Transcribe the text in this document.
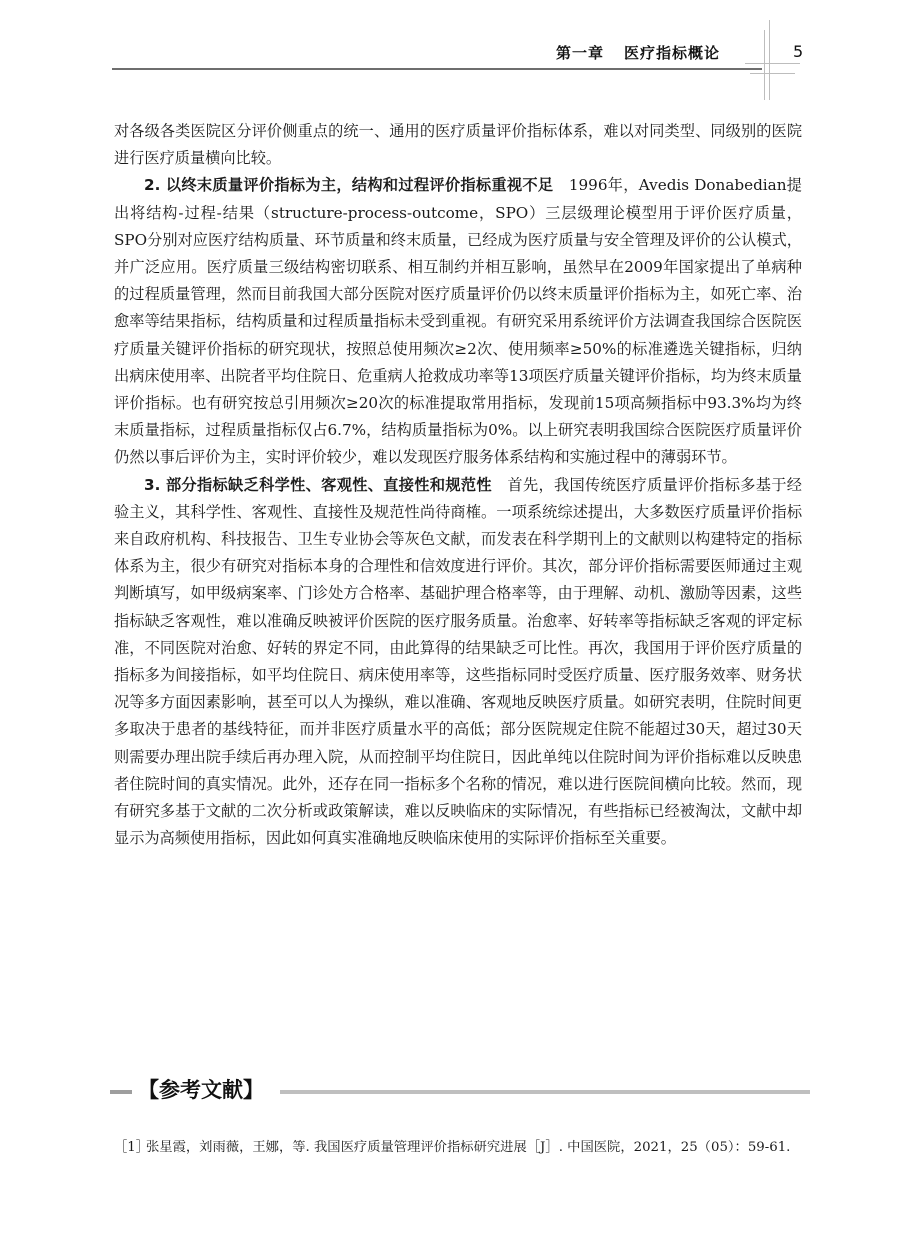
第一章 医疗指标概论	5

对各级各类医院区分评价侧重点的统一、通用的医疗质量评价指标体系，难以对同类型、同级别的医院进行医疗质量横向比较。

2. 以终末质量评价指标为主，结构和过程评价指标重视不足　1996年，Avedis Donabedian提出将结构-过程-结果（structure-process-outcome，SPO）三层级理论模型用于评价医疗质量，SPO分别对应医疗结构质量、环节质量和终末质量，已经成为医疗质量与安全管理及评价的公认模式，并广泛应用。医疗质量三级结构密切联系、相互制约并相互影响，虽然早在2009年国家提出了单病种的过程质量管理，然而目前我国大部分医院对医疗质量评价仍以终末质量评价指标为主，如死亡率、治愈率等结果指标，结构质量和过程质量指标未受到重视。有研究采用系统评价方法调查我国综合医院医疗质量关键评价指标的研究现状，按照总使用频次≥2次、使用频率≥50%的标准遴选关键指标，归纳出病床使用率、出院者平均住院日、危重病人抢救成功率等13项医疗质量关键评价指标，均为终末质量评价指标。也有研究按总引用频次≥20次的标准提取常用指标，发现前15项高频指标中93.3%均为终末质量指标，过程质量指标仅占6.7%，结构质量指标为0%。以上研究表明我国综合医院医疗质量评价仍然以事后评价为主，实时评价较少，难以发现医疗服务体系结构和实施过程中的薄弱环节。

3. 部分指标缺乏科学性、客观性、直接性和规范性　首先，我国传统医疗质量评价指标多基于经验主义，其科学性、客观性、直接性及规范性尚待商榷。一项系统综述提出，大多数医疗质量评价指标来自政府机构、科技报告、卫生专业协会等灰色文献，而发表在科学期刊上的文献则以构建特定的指标体系为主，很少有研究对指标本身的合理性和信效度进行评价。其次，部分评价指标需要医师通过主观判断填写，如甲级病案率、门诊处方合格率、基础护理合格率等，由于理解、动机、激励等因素，这些指标缺乏客观性，难以准确反映被评价医院的医疗服务质量。治愈率、好转率等指标缺乏客观的评定标准，不同医院对治愈、好转的界定不同，由此算得的结果缺乏可比性。再次，我国用于评价医疗质量的指标多为间接指标，如平均住院日、病床使用率等，这些指标同时受医疗质量、医疗服务效率、财务状况等多方面因素影响，甚至可以人为操纵，难以准确、客观地反映医疗质量。如研究表明，住院时间更多取决于患者的基线特征，而并非医疗质量水平的高低；部分医院规定住院不能超过30天，超过30天则需要办理出院手续后再办理入院，从而控制平均住院日，因此单纯以住院时间为评价指标难以反映患者住院时间的真实情况。此外，还存在同一指标多个名称的情况，难以进行医院间横向比较。然而，现有研究多基于文献的二次分析或政策解读，难以反映临床的实际情况，有些指标已经被淘汰，文献中却显示为高频使用指标，因此如何真实准确地反映临床使用的实际评价指标至关重要。

【参考文献】
［1］张星霞，刘雨薇，王娜，等. 我国医疗质量管理评价指标研究进展［J］. 中国医院，2021，25（05）：59-61.
